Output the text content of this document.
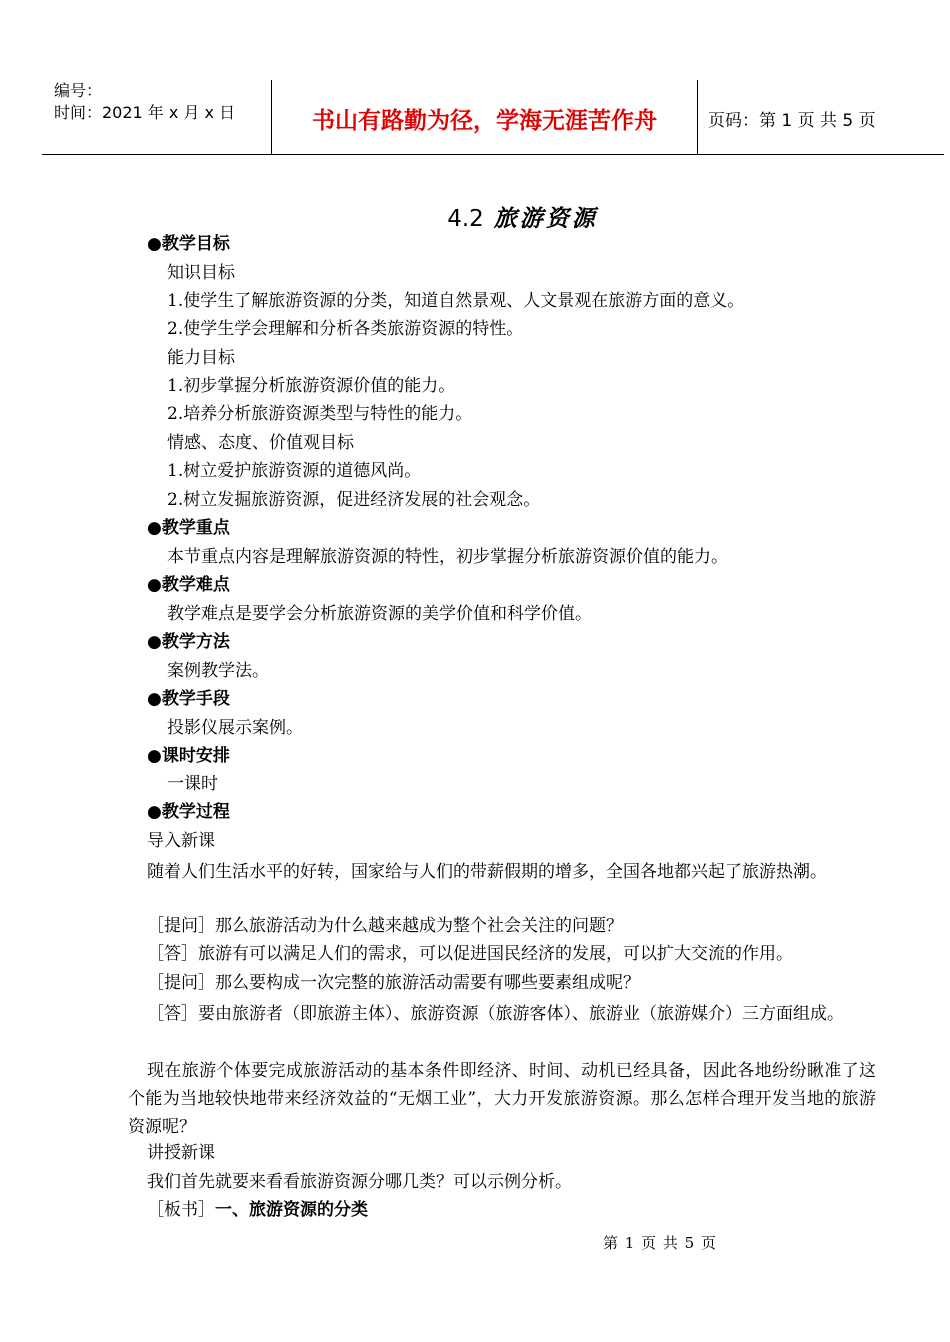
编号：
时间：2021 年 x 月 x 日	书山有路勤为径，学海无涯苦作舟	页码：第 1 页 共 5 页
4.2 旅游资源
●教学目标
知识目标
1.使学生了解旅游资源的分类，知道自然景观、人文景观在旅游方面的意义。
2.使学生学会理解和分析各类旅游资源的特性。
能力目标
1.初步掌握分析旅游资源价值的能力。
2.培养分析旅游资源类型与特性的能力。
情感、态度、价值观目标
1.树立爱护旅游资源的道德风尚。
2.树立发掘旅游资源，促进经济发展的社会观念。
●教学重点
本节重点内容是理解旅游资源的特性，初步掌握分析旅游资源价值的能力。
●教学难点
教学难点是要学会分析旅游资源的美学价值和科学价值。
●教学方法
案例教学法。
●教学手段
投影仪展示案例。
●课时安排
一课时
●教学过程
导入新课
随着人们生活水平的好转，国家给与人们的带薪假期的增多，全国各地都兴起了旅游热潮。
［提问］那么旅游活动为什么越来越成为整个社会关注的问题？
［答］旅游有可以满足人们的需求，可以促进国民经济的发展，可以扩大交流的作用。
［提问］那么要构成一次完整的旅游活动需要有哪些要素组成呢？
［答］要由旅游者（即旅游主体）、旅游资源（旅游客体）、旅游业（旅游媒介）三方面组成。
现在旅游个体要完成旅游活动的基本条件即经济、时间、动机已经具备，因此各地纷纷瞅准了这个能为当地较快地带来经济效益的“无烟工业”，大力开发旅游资源。那么怎样合理开发当地的旅游资源呢？
讲授新课
我们首先就要来看看旅游资源分哪几类？可以示例分析。
［板书］一、旅游资源的分类
第 1 页 共 5 页
